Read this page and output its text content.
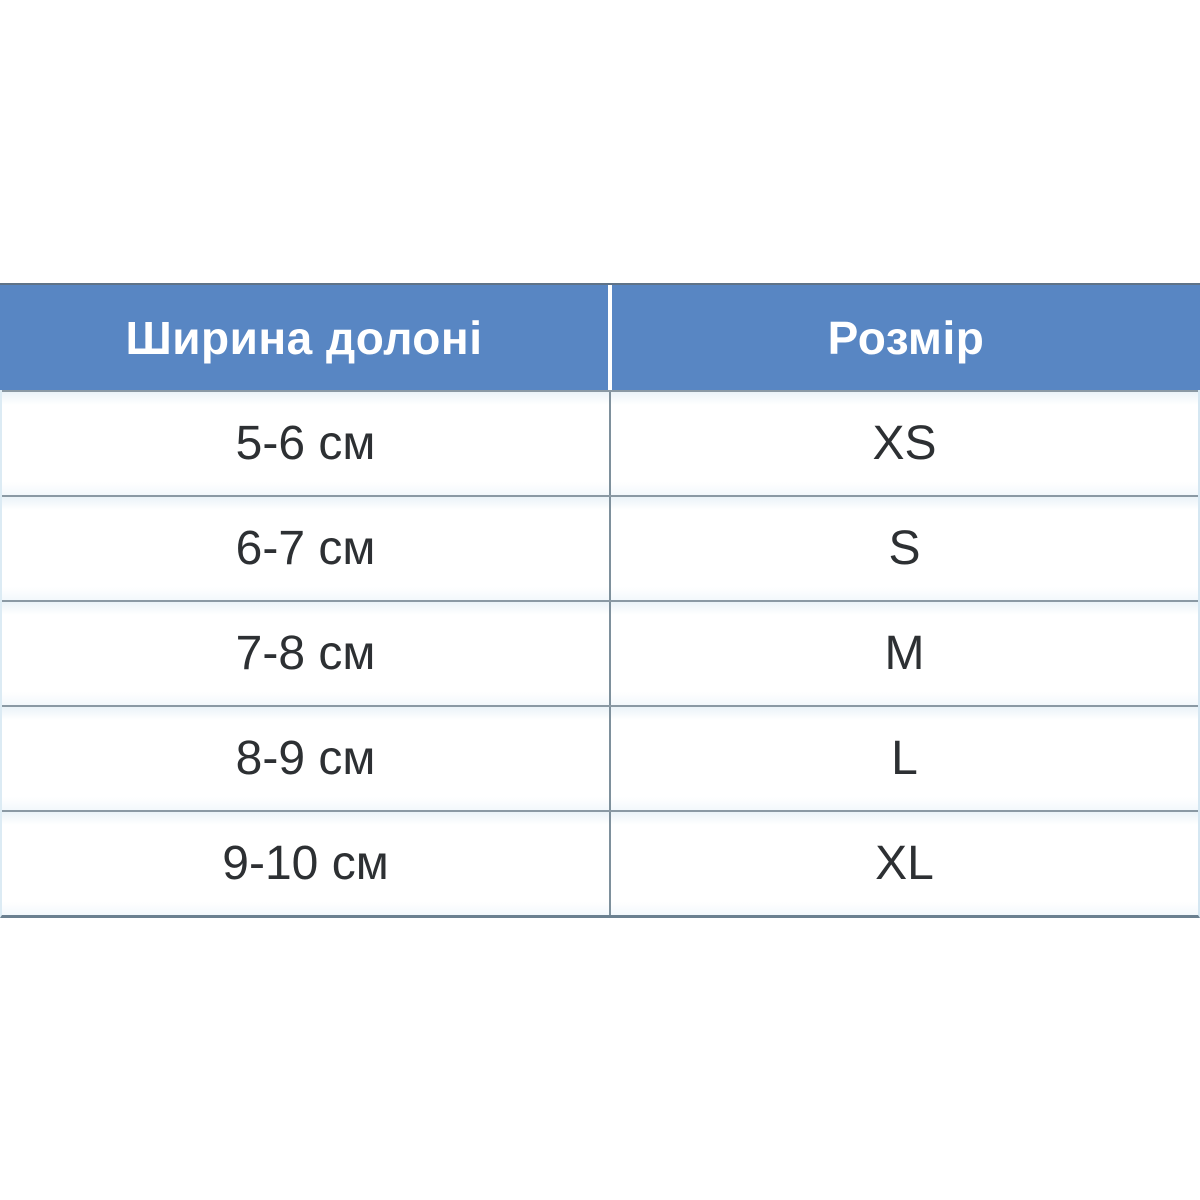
Ширина долоні	Розмір
5-6 см	XS
6-7 см	S
7-8 см	M
8-9 см	L
9-10 см	XL
